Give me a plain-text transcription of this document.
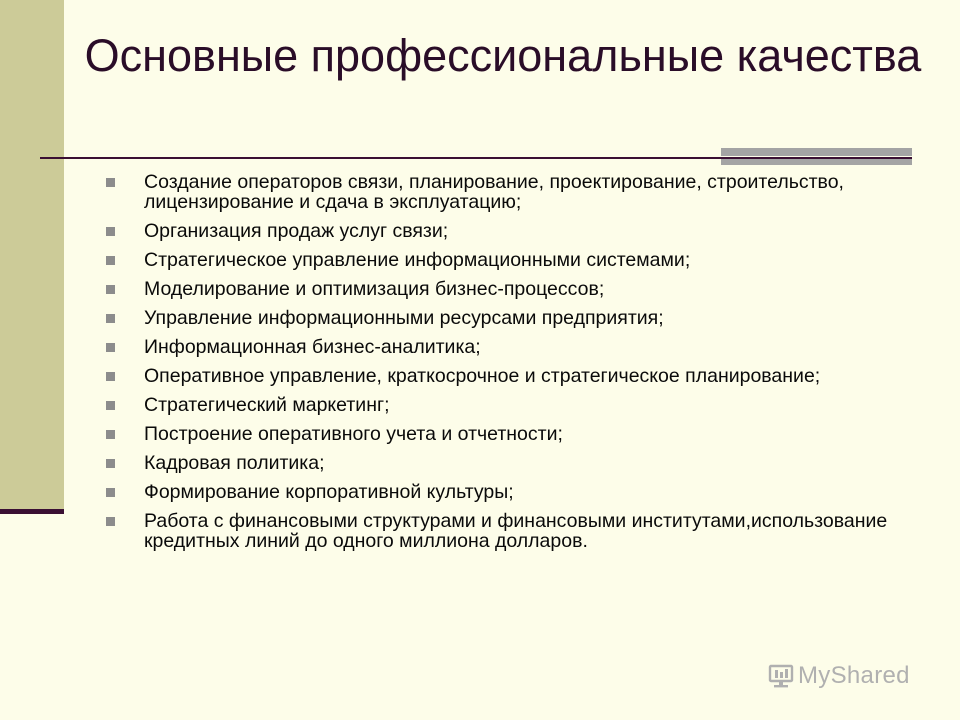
Основные профессиональные качества
Создание операторов связи, планирование, проектирование, строительство, лицензирование и сдача в эксплуатацию;
Организация продаж услуг связи;
Стратегическое управление информационными системами;
Моделирование и оптимизация бизнес-процессов;
Управление информационными ресурсами предприятия;
Информационная бизнес-аналитика;
Оперативное управление, краткосрочное и стратегическое планирование;
Стратегический маркетинг;
Построение оперативного учета и отчетности;
Кадровая политика;
Формирование корпоративной культуры;
Работа с финансовыми структурами и финансовыми институтами,использование кредитных линий до одного миллиона долларов.
MyShared
